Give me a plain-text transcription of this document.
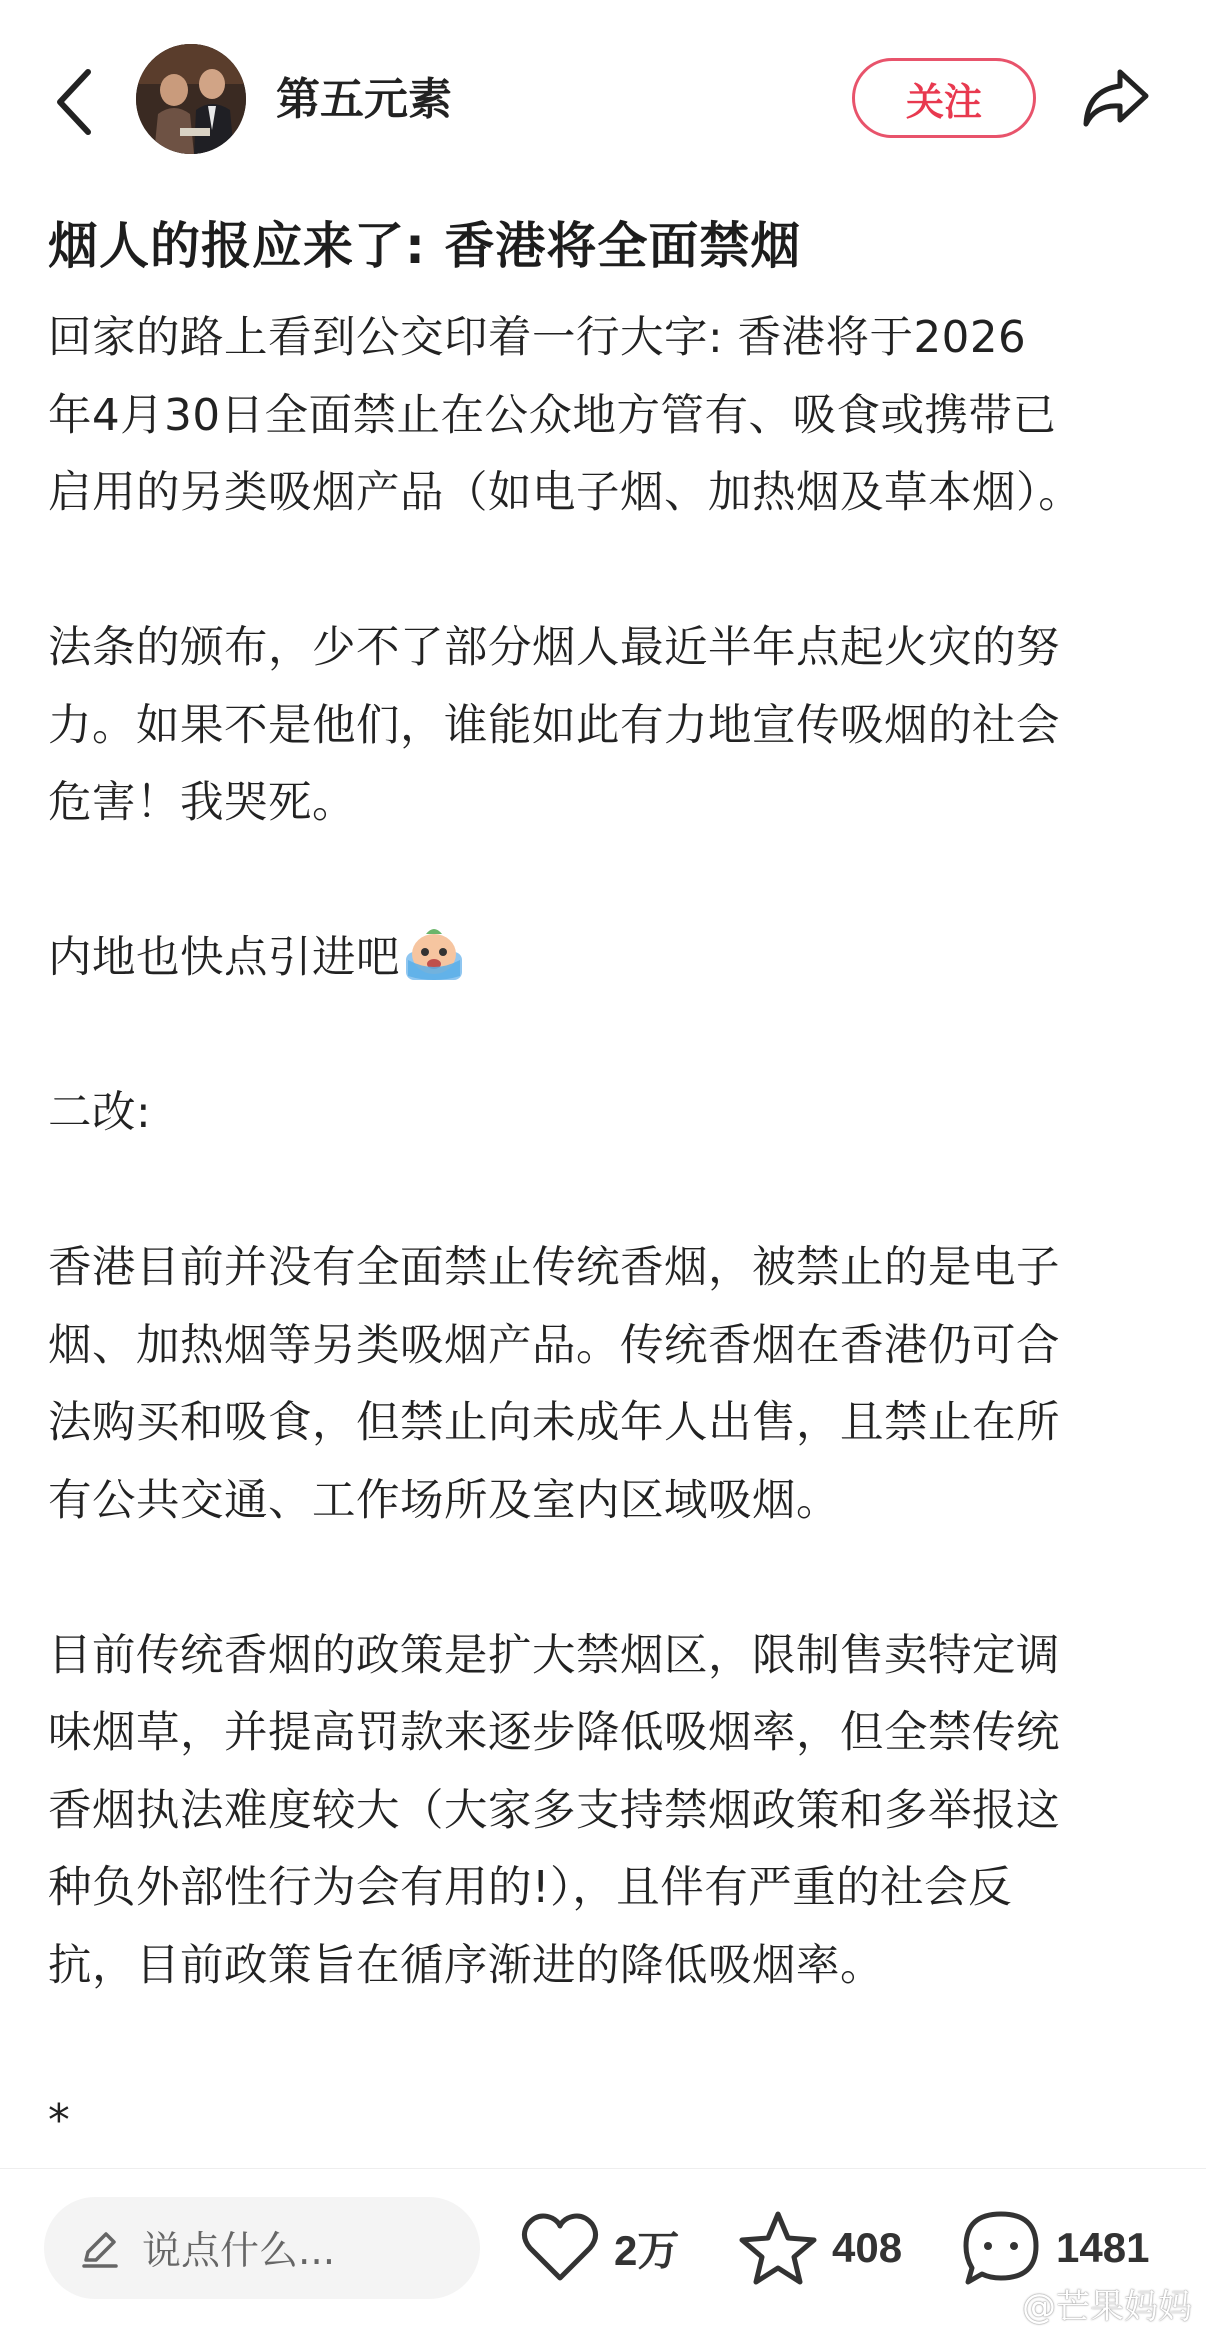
第五元素	关注
烟人的报应来了: 香港将全面禁烟

回家的路上看到公交印着一行大字: 香港将于2026
年4月30日全面禁止在公众地方管有、吸食或携带已
启用的另类吸烟产品（如电子烟、加热烟及草本烟）。

法条的颁布，少不了部分烟人最近半年点起火灾的努
力。如果不是他们，谁能如此有力地宣传吸烟的社会
危害！我哭死。

内地也快点引进吧

二改:

香港目前并没有全面禁止传统香烟，被禁止的是电子
烟、加热烟等另类吸烟产品。传统香烟在香港仍可合
法购买和吸食，但禁止向未成年人出售，且禁止在所
有公共交通、工作场所及室内区域吸烟。

目前传统香烟的政策是扩大禁烟区，限制售卖特定调
味烟草，并提高罚款来逐步降低吸烟率，但全禁传统
香烟执法难度较大（大家多支持禁烟政策和多举报这
种负外部性行为会有用的!），且伴有严重的社会反
抗，目前政策旨在循序渐进的降低吸烟率。

*

说点什么...	2万	408	1481
@芒果妈妈
